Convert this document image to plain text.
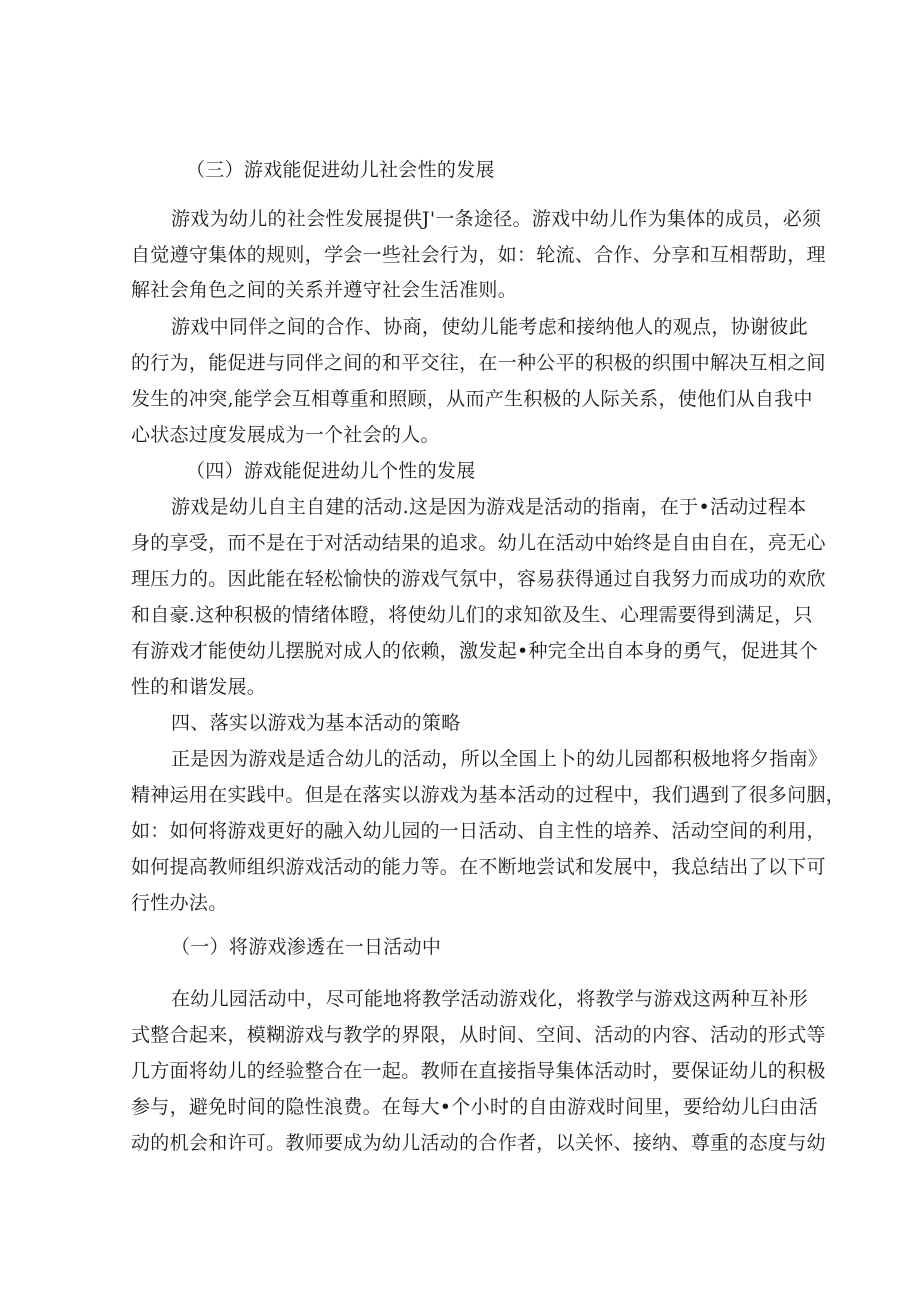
（三）游戏能促进幼儿社会性的发展
游戏为幼儿的社会性发展提供J'一条途径。游戏中幼儿作为集体的成员，必须
自觉遵守集体的规则，学会一些社会行为，如：轮流、合作、分享和互相帮助，理
解社会角色之间的关系并遵守社会生活准则。
游戏中同伴之间的合作、协商，使幼儿能考虑和接纳他人的观点，协谢彼此
的行为，能促进与同伴之间的和平交往，在一种公平的积极的织围中解决互相之间
发生的冲突,能学会互相尊重和照顾，从而产生积极的人际关系，使他们从自我中
心状态过度发展成为一个社会的人。
（四）游戏能促进幼儿个性的发展
游戏是幼儿自主自建的活动.这是因为游戏是活动的指南，在于•活动过程本
身的享受，而不是在于对活动结果的追求。幼儿在活动中始终是自由自在，亮无心
理压力的。因此能在轻松愉快的游戏气氛中，容易获得通过自我努力而成功的欢欣
和自豪.这种积极的情绪体瞪，将使幼儿们的求知欲及生、心理需要得到满足，只
有游戏才能使幼儿摆脱对成人的依赖，激发起•种完全出自本身的勇气，促进其个
性的和谐发展。
四、落实以游戏为基本活动的策略
正是因为游戏是适合幼儿的活动，所以全国上卜的幼儿园都积极地将夕指南》
精神运用在实践中。但是在落实以游戏为基本活动的过程中，我们遇到了很多问胭，
如：如何将游戏更好的融入幼儿园的一日活动、自主性的培养、活动空间的利用，
如何提高教师组织游戏活动的能力等。在不断地尝试和发展中，我总结出了以下可
行性办法。
（一）将游戏渗透在一日活动中
在幼儿园活动中，尽可能地将教学活动游戏化，将教学与游戏这两种互补形
式整合起来，模糊游戏与教学的界限，从时间、空间、活动的内容、活动的形式等
几方面将幼儿的经验整合在一起。教师在直接指导集体活动时，要保证幼儿的积极
参与，避免时间的隐性浪费。在每大•个小时的自由游戏时间里，要给幼儿臼由活
动的机会和许可。教师要成为幼儿活动的合作者，以关怀、接纳、尊重的态度与幼
